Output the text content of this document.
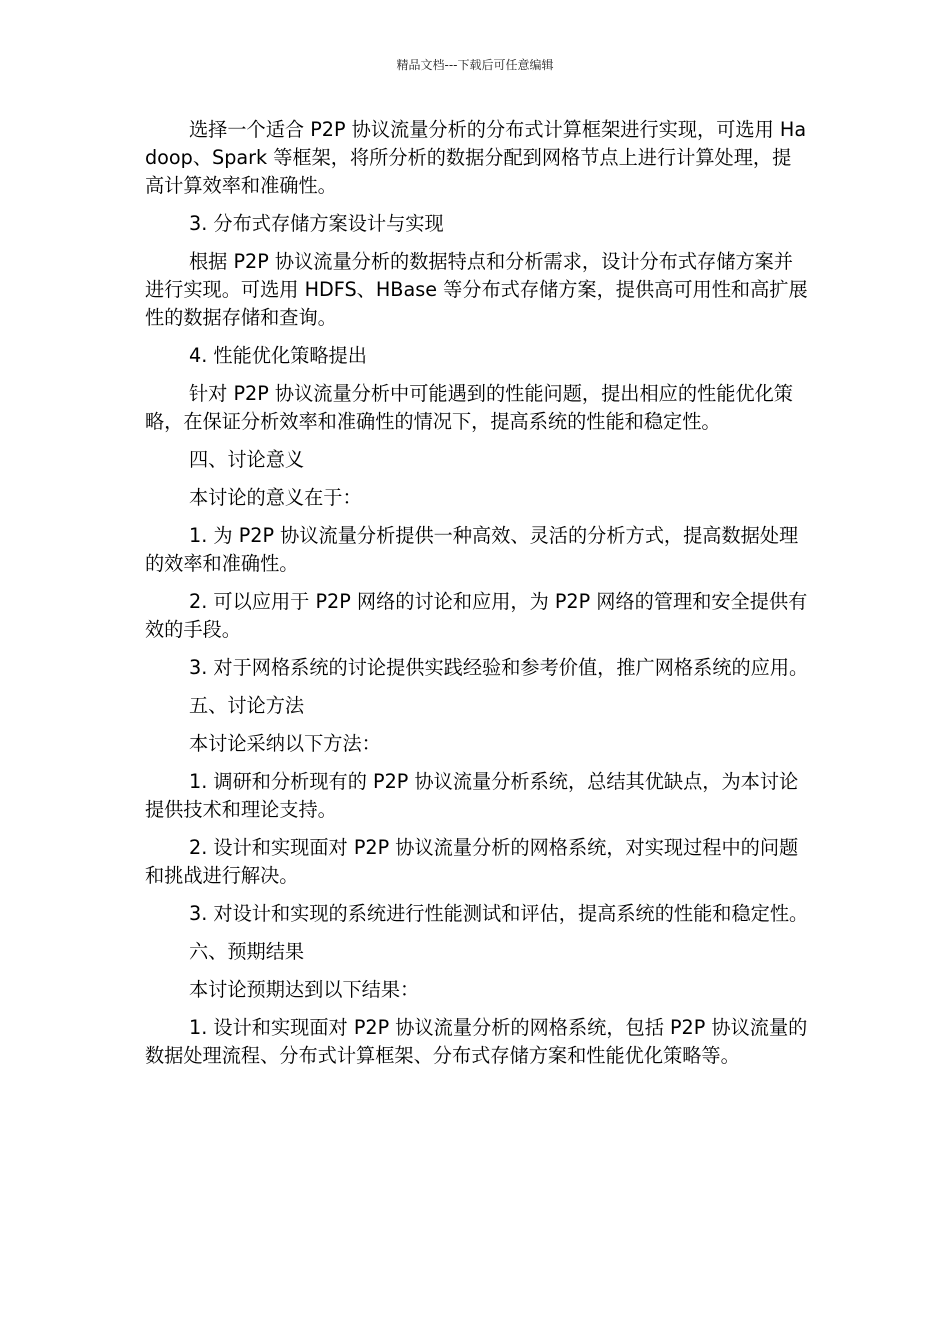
精品文档---下载后可任意编辑

选择一个适合 P2P 协议流量分析的分布式计算框架进行实现，可选用 Hadoop、Spark 等框架，将所分析的数据分配到网格节点上进行计算处理，提高计算效率和准确性。

3. 分布式存储方案设计与实现

根据 P2P 协议流量分析的数据特点和分析需求，设计分布式存储方案并进行实现。可选用 HDFS、HBase 等分布式存储方案，提供高可用性和高扩展性的数据存储和查询。

4. 性能优化策略提出

针对 P2P 协议流量分析中可能遇到的性能问题，提出相应的性能优化策略，在保证分析效率和准确性的情况下，提高系统的性能和稳定性。

四、讨论意义

本讨论的意义在于：

1. 为 P2P 协议流量分析提供一种高效、灵活的分析方式，提高数据处理的效率和准确性。

2. 可以应用于 P2P 网络的讨论和应用，为 P2P 网络的管理和安全提供有效的手段。

3. 对于网格系统的讨论提供实践经验和参考价值，推广网格系统的应用。

五、讨论方法

本讨论采纳以下方法：

1. 调研和分析现有的 P2P 协议流量分析系统，总结其优缺点，为本讨论提供技术和理论支持。

2. 设计和实现面对 P2P 协议流量分析的网格系统，对实现过程中的问题和挑战进行解决。

3. 对设计和实现的系统进行性能测试和评估，提高系统的性能和稳定性。

六、预期结果

本讨论预期达到以下结果：

1. 设计和实现面对 P2P 协议流量分析的网格系统，包括 P2P 协议流量的数据处理流程、分布式计算框架、分布式存储方案和性能优化策略等。
